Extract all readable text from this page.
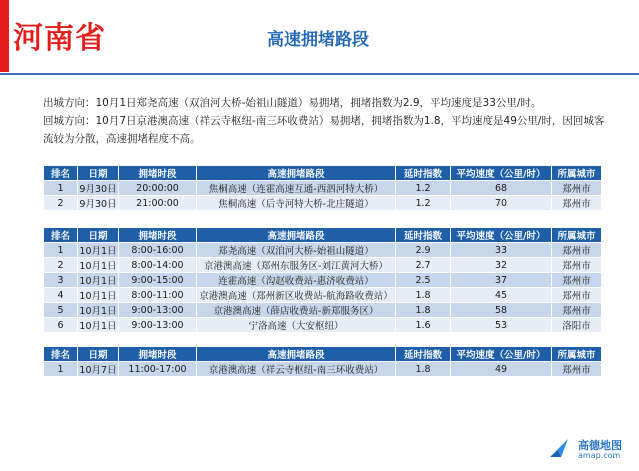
河南省	高速拥堵路段
出城方向：10月1日郑尧高速（双洎河大桥-始祖山隧道）易拥堵，拥堵指数为2.9，平均速度是33公里/时。
回城方向：10月7日京港澳高速（祥云寺枢纽-南三环收费站）易拥堵，拥堵指数为1.8，平均速度是49公里/时，因回城客流较为分散，高速拥堵程度不高。
排名	日期	拥堵时段	高速拥堵路段	延时指数	平均速度（公里/时）	所属城市
1	9月30日	20:00:00	焦桐高速（连霍高速互通-西泗河特大桥）	1.2	68	郑州市
2	9月30日	21:00:00	焦桐高速（后寺河特大桥-北庄隧道）	1.2	70	郑州市
排名	日期	拥堵时段	高速拥堵路段	延时指数	平均速度（公里/时）	所属城市
1	10月1日	8:00-16:00	郑尧高速（双洎河大桥-始祖山隧道）	2.9	33	郑州市
2	10月1日	8:00-14:00	京港澳高速（郑州东服务区-刘江黄河大桥）	2.7	32	郑州市
3	10月1日	9:00-15:00	连霍高速（沟赵收费站-惠济收费站）	2.5	37	郑州市
4	10月1日	8:00-11:00	京港澳高速（郑州新区收费站-航海路收费站）	1.8	45	郑州市
5	10月1日	9:00-13:00	京港澳高速（薛店收费站-新郑服务区）	1.8	58	郑州市
6	10月1日	9:00-13:00	宁洛高速（大安枢纽）	1.6	53	洛阳市
排名	日期	拥堵时段	高速拥堵路段	延时指数	平均速度（公里/时）	所属城市
1	10月7日	11:00-17:00	京港澳高速（祥云寺枢纽-南三环收费站）	1.8	49	郑州市
高德地图
amap.com
